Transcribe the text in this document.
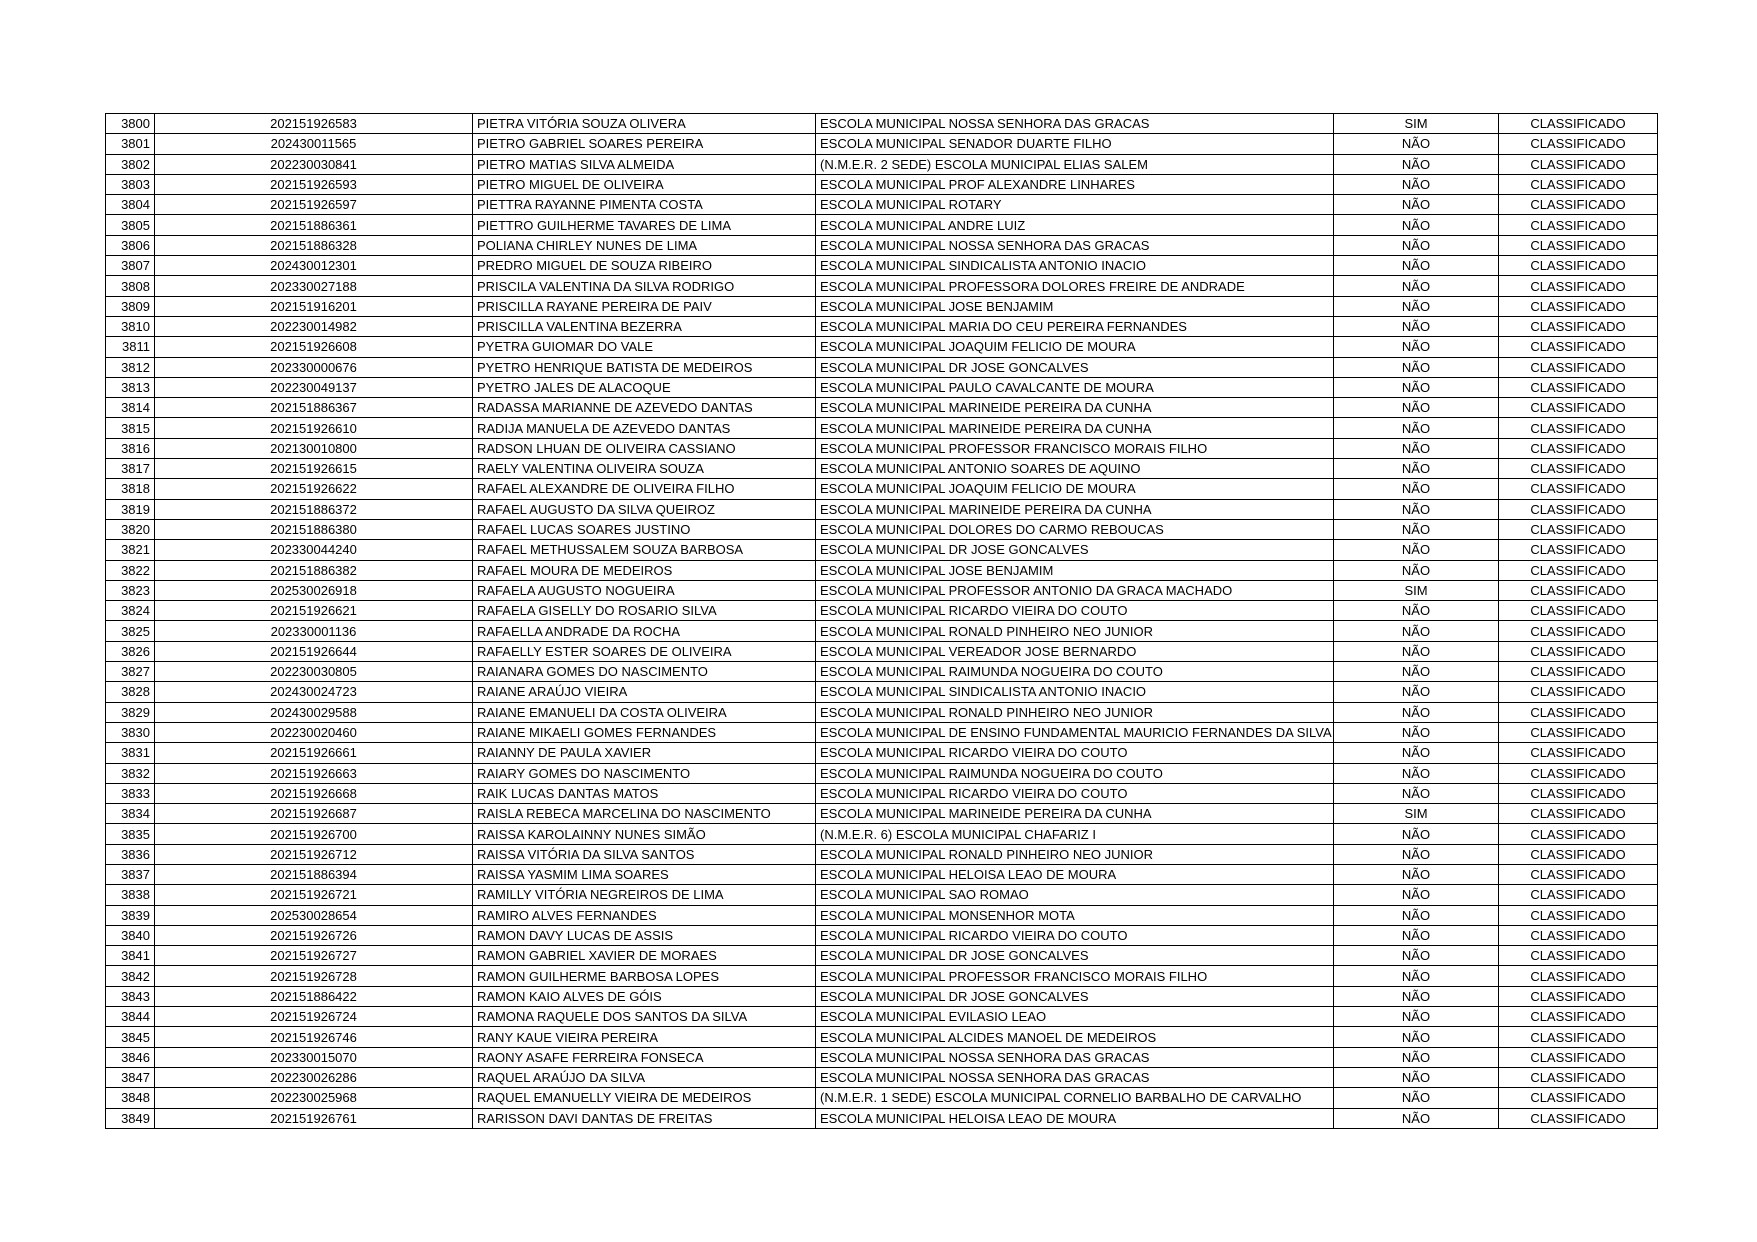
3800	202151926583	PIETRA VITÓRIA SOUZA OLIVERA	ESCOLA MUNICIPAL NOSSA SENHORA DAS GRACAS	SIM	CLASSIFICADO
3801	202430011565	PIETRO GABRIEL SOARES PEREIRA	ESCOLA MUNICIPAL SENADOR DUARTE FILHO	NÃO	CLASSIFICADO
3802	202230030841	PIETRO MATIAS SILVA ALMEIDA	(N.M.E.R. 2 SEDE) ESCOLA MUNICIPAL ELIAS SALEM	NÃO	CLASSIFICADO
3803	202151926593	PIETRO MIGUEL DE OLIVEIRA	ESCOLA MUNICIPAL PROF ALEXANDRE LINHARES	NÃO	CLASSIFICADO
3804	202151926597	PIETTRA RAYANNE PIMENTA COSTA	ESCOLA MUNICIPAL ROTARY	NÃO	CLASSIFICADO
3805	202151886361	PIETTRO GUILHERME TAVARES DE LIMA	ESCOLA MUNICIPAL ANDRE LUIZ	NÃO	CLASSIFICADO
3806	202151886328	POLIANA CHIRLEY NUNES DE LIMA	ESCOLA MUNICIPAL NOSSA SENHORA DAS GRACAS	NÃO	CLASSIFICADO
3807	202430012301	PREDRO MIGUEL DE SOUZA RIBEIRO	ESCOLA MUNICIPAL SINDICALISTA ANTONIO INACIO	NÃO	CLASSIFICADO
3808	202330027188	PRISCILA VALENTINA DA SILVA RODRIGO	ESCOLA MUNICIPAL PROFESSORA DOLORES FREIRE DE ANDRADE	NÃO	CLASSIFICADO
3809	202151916201	PRISCILLA RAYANE PEREIRA DE PAIV	ESCOLA MUNICIPAL JOSE BENJAMIM	NÃO	CLASSIFICADO
3810	202230014982	PRISCILLA VALENTINA BEZERRA	ESCOLA MUNICIPAL MARIA DO CEU PEREIRA FERNANDES	NÃO	CLASSIFICADO
3811	202151926608	PYETRA GUIOMAR DO VALE	ESCOLA MUNICIPAL JOAQUIM FELICIO DE MOURA	NÃO	CLASSIFICADO
3812	202330000676	PYETRO HENRIQUE BATISTA DE MEDEIROS	ESCOLA MUNICIPAL DR JOSE GONCALVES	NÃO	CLASSIFICADO
3813	202230049137	PYETRO JALES DE ALACOQUE	ESCOLA MUNICIPAL PAULO CAVALCANTE DE MOURA	NÃO	CLASSIFICADO
3814	202151886367	RADASSA MARIANNE DE AZEVEDO DANTAS	ESCOLA MUNICIPAL MARINEIDE PEREIRA DA CUNHA	NÃO	CLASSIFICADO
3815	202151926610	RADIJA MANUELA DE AZEVEDO DANTAS	ESCOLA MUNICIPAL MARINEIDE PEREIRA DA CUNHA	NÃO	CLASSIFICADO
3816	202130010800	RADSON LHUAN DE OLIVEIRA CASSIANO	ESCOLA MUNICIPAL PROFESSOR FRANCISCO MORAIS FILHO	NÃO	CLASSIFICADO
3817	202151926615	RAELY VALENTINA OLIVEIRA SOUZA	ESCOLA MUNICIPAL ANTONIO SOARES DE AQUINO	NÃO	CLASSIFICADO
3818	202151926622	RAFAEL ALEXANDRE DE OLIVEIRA FILHO	ESCOLA MUNICIPAL JOAQUIM FELICIO DE MOURA	NÃO	CLASSIFICADO
3819	202151886372	RAFAEL AUGUSTO DA SILVA QUEIROZ	ESCOLA MUNICIPAL MARINEIDE PEREIRA DA CUNHA	NÃO	CLASSIFICADO
3820	202151886380	RAFAEL LUCAS SOARES JUSTINO	ESCOLA MUNICIPAL DOLORES DO CARMO REBOUCAS	NÃO	CLASSIFICADO
3821	202330044240	RAFAEL METHUSSALEM SOUZA BARBOSA	ESCOLA MUNICIPAL DR JOSE GONCALVES	NÃO	CLASSIFICADO
3822	202151886382	RAFAEL MOURA DE MEDEIROS	ESCOLA MUNICIPAL JOSE BENJAMIM	NÃO	CLASSIFICADO
3823	202530026918	RAFAELA AUGUSTO NOGUEIRA	ESCOLA MUNICIPAL PROFESSOR ANTONIO DA GRACA MACHADO	SIM	CLASSIFICADO
3824	202151926621	RAFAELA GISELLY DO ROSARIO SILVA	ESCOLA MUNICIPAL RICARDO VIEIRA DO COUTO	NÃO	CLASSIFICADO
3825	202330001136	RAFAELLA ANDRADE DA ROCHA	ESCOLA MUNICIPAL RONALD PINHEIRO NEO JUNIOR	NÃO	CLASSIFICADO
3826	202151926644	RAFAELLY ESTER SOARES DE OLIVEIRA	ESCOLA MUNICIPAL VEREADOR JOSE BERNARDO	NÃO	CLASSIFICADO
3827	202230030805	RAIANARA GOMES DO NASCIMENTO	ESCOLA MUNICIPAL RAIMUNDA NOGUEIRA DO COUTO	NÃO	CLASSIFICADO
3828	202430024723	RAIANE ARAÚJO VIEIRA	ESCOLA MUNICIPAL SINDICALISTA ANTONIO INACIO	NÃO	CLASSIFICADO
3829	202430029588	RAIANE EMANUELI DA COSTA OLIVEIRA	ESCOLA MUNICIPAL RONALD PINHEIRO NEO JUNIOR	NÃO	CLASSIFICADO
3830	202230020460	RAIANE MIKAELI GOMES FERNANDES	ESCOLA MUNICIPAL DE ENSINO FUNDAMENTAL MAURICIO FERNANDES DA SILVA	NÃO	CLASSIFICADO
3831	202151926661	RAIANNY DE PAULA XAVIER	ESCOLA MUNICIPAL RICARDO VIEIRA DO COUTO	NÃO	CLASSIFICADO
3832	202151926663	RAIARY GOMES DO NASCIMENTO	ESCOLA MUNICIPAL RAIMUNDA NOGUEIRA DO COUTO	NÃO	CLASSIFICADO
3833	202151926668	RAIK LUCAS DANTAS MATOS	ESCOLA MUNICIPAL RICARDO VIEIRA DO COUTO	NÃO	CLASSIFICADO
3834	202151926687	RAISLA REBECA MARCELINA DO NASCIMENTO	ESCOLA MUNICIPAL MARINEIDE PEREIRA DA CUNHA	SIM	CLASSIFICADO
3835	202151926700	RAISSA KAROLAINNY NUNES SIMÃO	(N.M.E.R. 6) ESCOLA MUNICIPAL CHAFARIZ I	NÃO	CLASSIFICADO
3836	202151926712	RAISSA VITÓRIA DA SILVA SANTOS	ESCOLA MUNICIPAL RONALD PINHEIRO NEO JUNIOR	NÃO	CLASSIFICADO
3837	202151886394	RAISSA YASMIM LIMA SOARES	ESCOLA MUNICIPAL HELOISA LEAO DE MOURA	NÃO	CLASSIFICADO
3838	202151926721	RAMILLY VITÓRIA NEGREIROS DE LIMA	ESCOLA MUNICIPAL SAO ROMAO	NÃO	CLASSIFICADO
3839	202530028654	RAMIRO ALVES FERNANDES	ESCOLA MUNICIPAL MONSENHOR MOTA	NÃO	CLASSIFICADO
3840	202151926726	RAMON DAVY LUCAS DE ASSIS	ESCOLA MUNICIPAL RICARDO VIEIRA DO COUTO	NÃO	CLASSIFICADO
3841	202151926727	RAMON GABRIEL XAVIER DE MORAES	ESCOLA MUNICIPAL DR JOSE GONCALVES	NÃO	CLASSIFICADO
3842	202151926728	RAMON GUILHERME BARBOSA LOPES	ESCOLA MUNICIPAL PROFESSOR FRANCISCO MORAIS FILHO	NÃO	CLASSIFICADO
3843	202151886422	RAMON KAIO ALVES DE GÓIS	ESCOLA MUNICIPAL DR JOSE GONCALVES	NÃO	CLASSIFICADO
3844	202151926724	RAMONA RAQUELE DOS SANTOS DA SILVA	ESCOLA MUNICIPAL EVILASIO LEAO	NÃO	CLASSIFICADO
3845	202151926746	RANY KAUE VIEIRA PEREIRA	ESCOLA MUNICIPAL ALCIDES MANOEL DE MEDEIROS	NÃO	CLASSIFICADO
3846	202330015070	RAONY ASAFE FERREIRA FONSECA	ESCOLA MUNICIPAL NOSSA SENHORA DAS GRACAS	NÃO	CLASSIFICADO
3847	202230026286	RAQUEL ARAÚJO DA SILVA	ESCOLA MUNICIPAL NOSSA SENHORA DAS GRACAS	NÃO	CLASSIFICADO
3848	202230025968	RAQUEL EMANUELLY VIEIRA DE MEDEIROS	(N.M.E.R. 1 SEDE) ESCOLA MUNICIPAL CORNELIO BARBALHO DE CARVALHO	NÃO	CLASSIFICADO
3849	202151926761	RARISSON DAVI DANTAS DE FREITAS	ESCOLA MUNICIPAL HELOISA LEAO DE MOURA	NÃO	CLASSIFICADO
